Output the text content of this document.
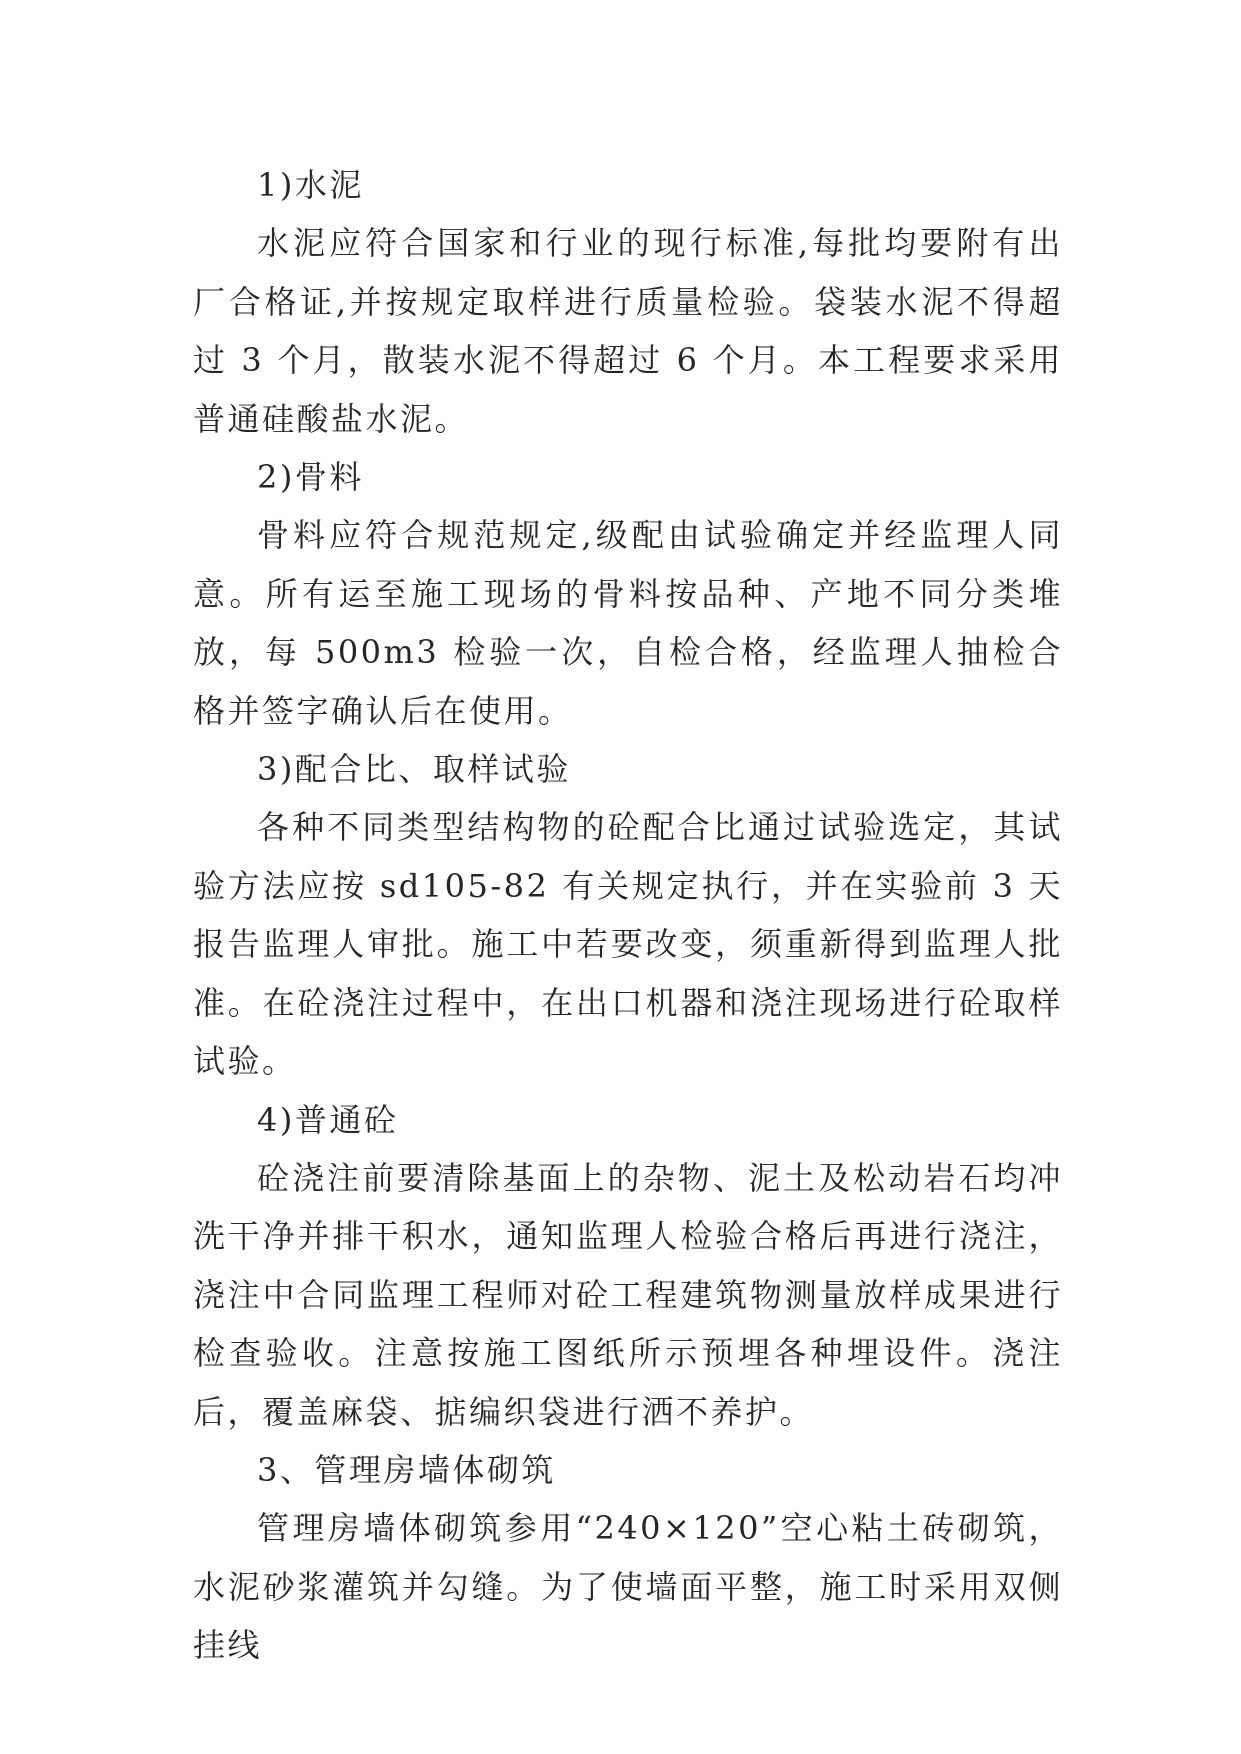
1)水泥

水泥应符合国家和行业的现行标准,每批均要附有出厂合格证,并按规定取样进行质量检验。袋装水泥不得超过 3 个月，散装水泥不得超过 6 个月。本工程要求采用普通硅酸盐水泥。

2)骨料

骨料应符合规范规定,级配由试验确定并经监理人同意。所有运至施工现场的骨料按品种、产地不同分类堆放，每 500m3 检验一次，自检合格，经监理人抽检合格并签字确认后在使用。

3)配合比、取样试验

各种不同类型结构物的砼配合比通过试验选定，其试验方法应按 sd105-82 有关规定执行，并在实验前 3 天报告监理人审批。施工中若要改变，须重新得到监理人批准。在砼浇注过程中，在出口机器和浇注现场进行砼取样试验。

4)普通砼

砼浇注前要清除基面上的杂物、泥土及松动岩石均冲洗干净并排干积水，通知监理人检验合格后再进行浇注，浇注中合同监理工程师对砼工程建筑物测量放样成果进行检查验收。注意按施工图纸所示预埋各种埋设件。浇注后，覆盖麻袋、掂编织袋进行洒不养护。

3、管理房墙体砌筑

管理房墙体砌筑参用“240×120”空心粘土砖砌筑，水泥砂浆灌筑并勾缝。为了使墙面平整，施工时采用双侧挂线
